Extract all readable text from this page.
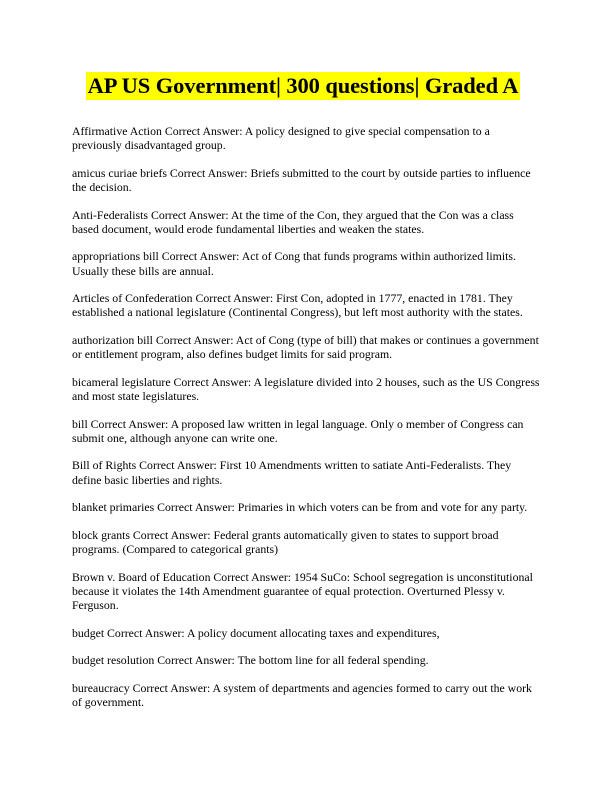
AP US Government| 300 questions| Graded A

Affirmative Action Correct Answer: A policy designed to give special compensation to a previously disadvantaged group.

amicus curiae briefs Correct Answer: Briefs submitted to the court by outside parties to influence the decision.

Anti-Federalists Correct Answer: At the time of the Con, they argued that the Con was a class based document, would erode fundamental liberties and weaken the states.

appropriations bill Correct Answer: Act of Cong that funds programs within authorized limits. Usually these bills are annual.

Articles of Confederation Correct Answer: First Con, adopted in 1777, enacted in 1781. They established a national legislature (Continental Congress), but left most authority with the states.

authorization bill Correct Answer: Act of Cong (type of bill) that makes or continues a government or entitlement program, also defines budget limits for said program.

bicameral legislature Correct Answer: A legislature divided into 2 houses, such as the US Congress and most state legislatures.

bill Correct Answer: A proposed law written in legal language. Only o member of Congress can submit one, although anyone can write one.

Bill of Rights Correct Answer: First 10 Amendments written to satiate Anti-Federalists. They define basic liberties and rights.

blanket primaries Correct Answer: Primaries in which voters can be from and vote for any party.

block grants Correct Answer: Federal grants automatically given to states to support broad programs. (Compared to categorical grants)

Brown v. Board of Education Correct Answer: 1954 SuCo: School segregation is unconstitutional because it violates the 14th Amendment guarantee of equal protection. Overturned Plessy v. Ferguson.

budget Correct Answer: A policy document allocating taxes and expenditures,

budget resolution Correct Answer: The bottom line for all federal spending.

bureaucracy Correct Answer: A system of departments and agencies formed to carry out the work of government.
